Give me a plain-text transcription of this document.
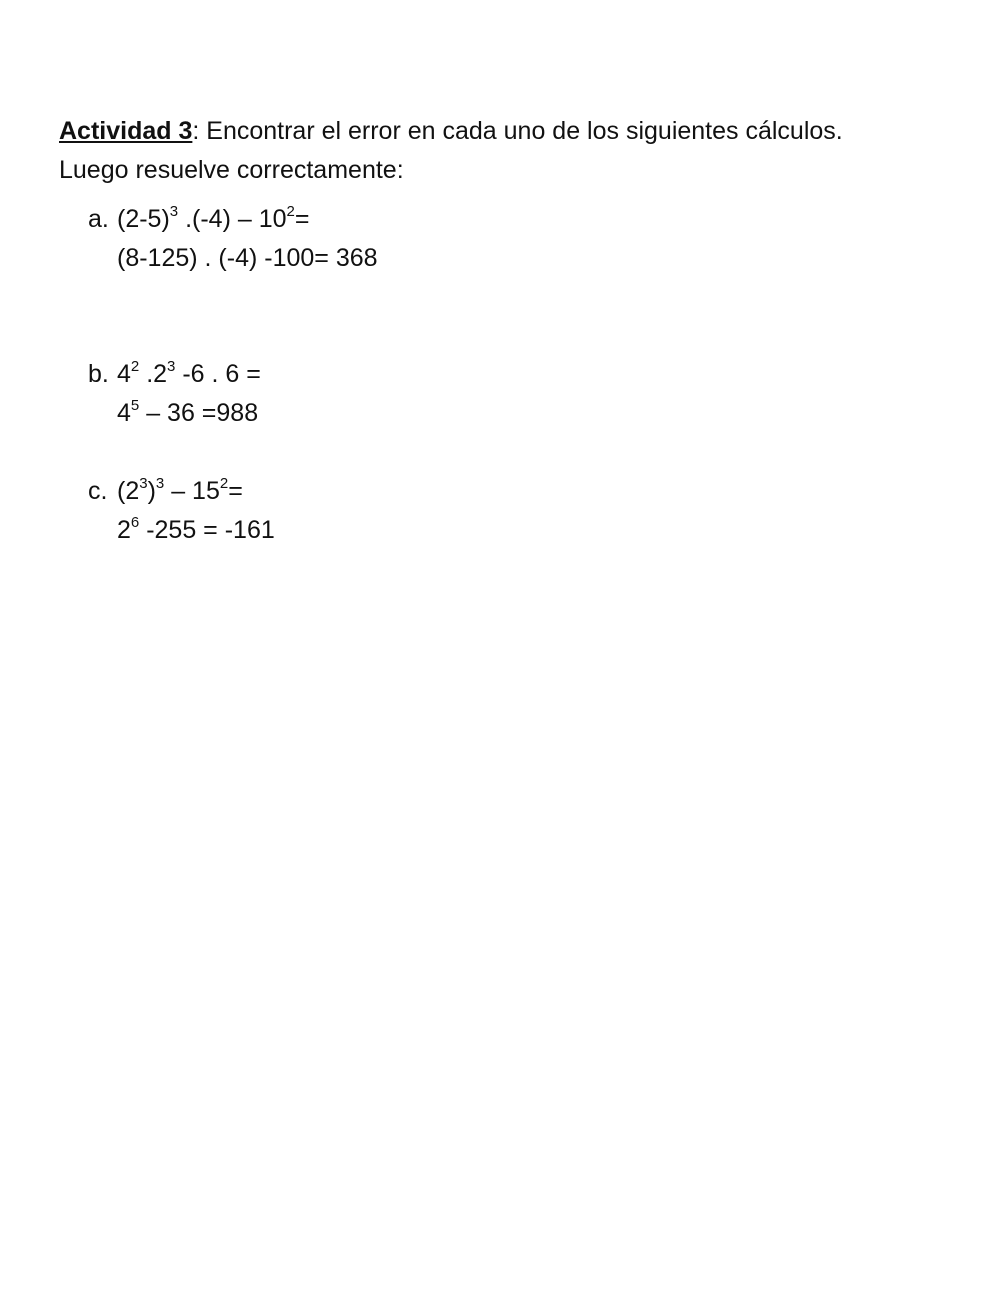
Actividad 3: Encontrar el error en cada uno de los siguientes cálculos.
Luego resuelve correctamente:
a. $(2-5)^3$ $.(-4) - 10^2=$
(8-125) . (-4) -100= 368
b. $4^2$ $.2^3$ -6 . 6 =
$4^5 - 36 =988$
c. $(2^3)^3 - 15^2=$
$2^6$ -255 = -161
